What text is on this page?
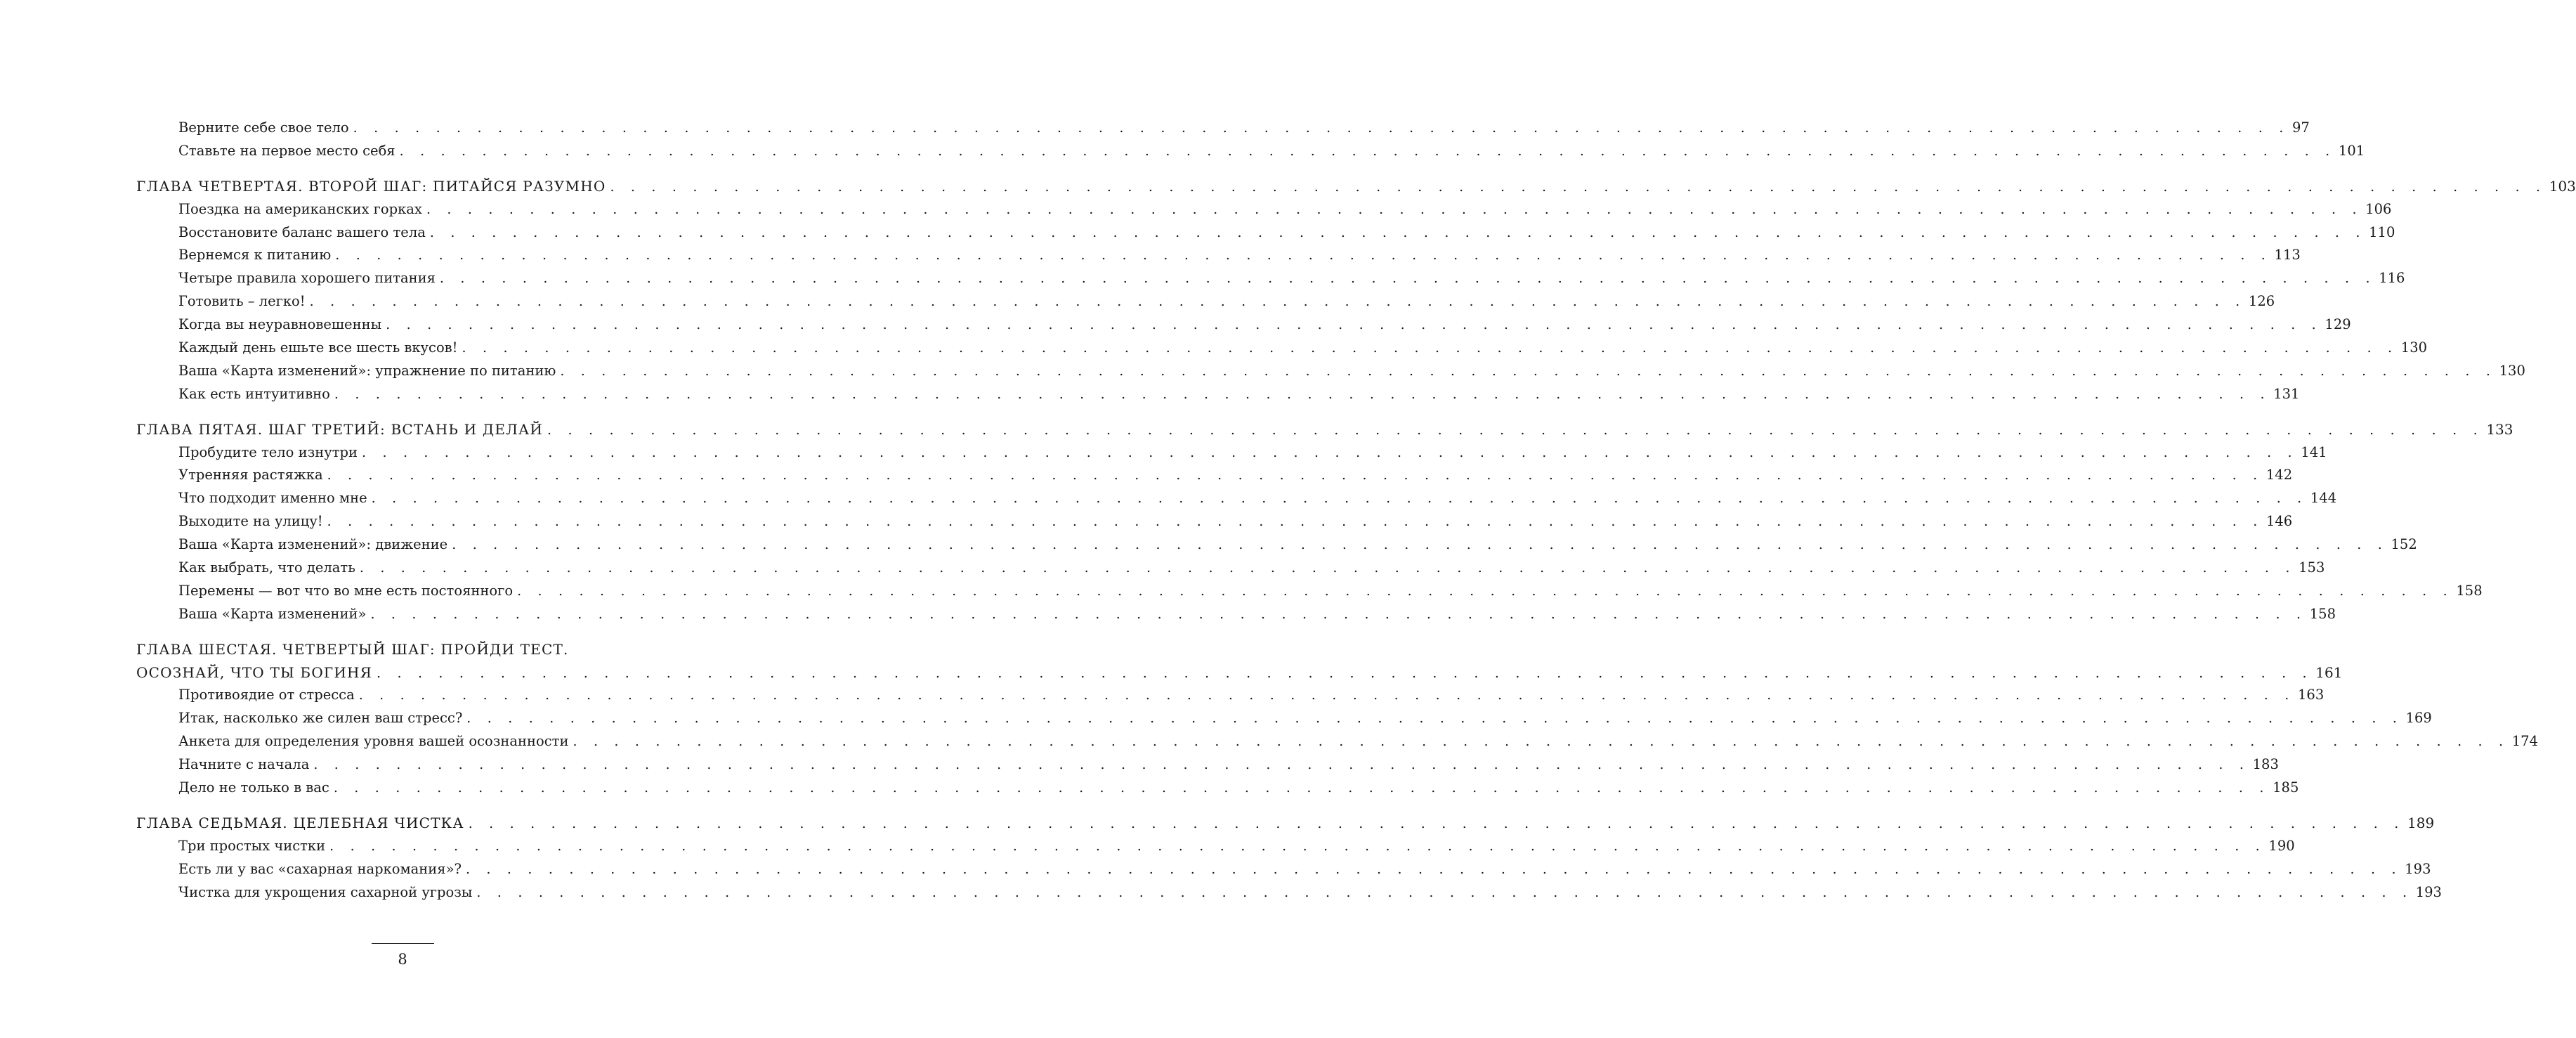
Верните себе свое тело . . . . . . . . . . . . . . . . . . . . . . . . . . . . . . . . . . . . . . . . . . . . . . . . . . . . . . . . . . . . . . . . . . . . . . . . . . . . . . . . . . . . . . . . . . . . . . 97
Ставьте на первое место себя . . . . . . . . . . . . . . . . . . . . . . . . . . . . . . . . . . . . . . . . . . . . . . . . . . . . . . . . . . . . . . . . . . . . . . . . . . . . . . . . . . . . . . . . . . . . . . 101
ГЛАВА ЧЕТВЕРТАЯ. ВТОРОЙ ШАГ: ПИТАЙСЯ РАЗУМНО . . . . . . . . . . . . . . . . . . . . . . . . . . . . . . . . . . . . . . . . . . . . . . . . . . . . . . . . . . . . . . . . . . . . . . . . . . . . . . . . . . . . . . . . . . . . . . 103
Поездка на американских горках . . . . . . . . . . . . . . . . . . . . . . . . . . . . . . . . . . . . . . . . . . . . . . . . . . . . . . . . . . . . . . . . . . . . . . . . . . . . . . . . . . . . . . . . . . . . . . 106
Восстановите баланс вашего тела . . . . . . . . . . . . . . . . . . . . . . . . . . . . . . . . . . . . . . . . . . . . . . . . . . . . . . . . . . . . . . . . . . . . . . . . . . . . . . . . . . . . . . . . . . . . . . 110
Вернемся к питанию . . . . . . . . . . . . . . . . . . . . . . . . . . . . . . . . . . . . . . . . . . . . . . . . . . . . . . . . . . . . . . . . . . . . . . . . . . . . . . . . . . . . . . . . . . . . . . 113
Четыре правила хорошего питания . . . . . . . . . . . . . . . . . . . . . . . . . . . . . . . . . . . . . . . . . . . . . . . . . . . . . . . . . . . . . . . . . . . . . . . . . . . . . . . . . . . . . . . . . . . . . . 116
Готовить – легко! . . . . . . . . . . . . . . . . . . . . . . . . . . . . . . . . . . . . . . . . . . . . . . . . . . . . . . . . . . . . . . . . . . . . . . . . . . . . . . . . . . . . . . . . . . . . . . 126
Когда вы неуравновешенны . . . . . . . . . . . . . . . . . . . . . . . . . . . . . . . . . . . . . . . . . . . . . . . . . . . . . . . . . . . . . . . . . . . . . . . . . . . . . . . . . . . . . . . . . . . . . . 129
Каждый день ешьте все шесть вкусов! . . . . . . . . . . . . . . . . . . . . . . . . . . . . . . . . . . . . . . . . . . . . . . . . . . . . . . . . . . . . . . . . . . . . . . . . . . . . . . . . . . . . . . . . . . . . . . 130
Ваша «Карта изменений»: упражнение по питанию . . . . . . . . . . . . . . . . . . . . . . . . . . . . . . . . . . . . . . . . . . . . . . . . . . . . . . . . . . . . . . . . . . . . . . . . . . . . . . . . . . . . . . . . . . . . . . 130
Как есть интуитивно . . . . . . . . . . . . . . . . . . . . . . . . . . . . . . . . . . . . . . . . . . . . . . . . . . . . . . . . . . . . . . . . . . . . . . . . . . . . . . . . . . . . . . . . . . . . . . 131
ГЛАВА ПЯТАЯ. ШАГ ТРЕТИЙ: ВСТАНЬ И ДЕЛАЙ . . . . . . . . . . . . . . . . . . . . . . . . . . . . . . . . . . . . . . . . . . . . . . . . . . . . . . . . . . . . . . . . . . . . . . . . . . . . . . . . . . . . . . . . . . . . . . 133
Пробудите тело изнутри . . . . . . . . . . . . . . . . . . . . . . . . . . . . . . . . . . . . . . . . . . . . . . . . . . . . . . . . . . . . . . . . . . . . . . . . . . . . . . . . . . . . . . . . . . . . . . 141
Утренняя растяжка . . . . . . . . . . . . . . . . . . . . . . . . . . . . . . . . . . . . . . . . . . . . . . . . . . . . . . . . . . . . . . . . . . . . . . . . . . . . . . . . . . . . . . . . . . . . . . 142
Что подходит именно мне . . . . . . . . . . . . . . . . . . . . . . . . . . . . . . . . . . . . . . . . . . . . . . . . . . . . . . . . . . . . . . . . . . . . . . . . . . . . . . . . . . . . . . . . . . . . . . 144
Выходите на улицу! . . . . . . . . . . . . . . . . . . . . . . . . . . . . . . . . . . . . . . . . . . . . . . . . . . . . . . . . . . . . . . . . . . . . . . . . . . . . . . . . . . . . . . . . . . . . . . 146
Ваша «Карта изменений»: движение . . . . . . . . . . . . . . . . . . . . . . . . . . . . . . . . . . . . . . . . . . . . . . . . . . . . . . . . . . . . . . . . . . . . . . . . . . . . . . . . . . . . . . . . . . . . . . 152
Как выбрать, что делать . . . . . . . . . . . . . . . . . . . . . . . . . . . . . . . . . . . . . . . . . . . . . . . . . . . . . . . . . . . . . . . . . . . . . . . . . . . . . . . . . . . . . . . . . . . . . . 153
Перемены — вот что во мне есть постоянного . . . . . . . . . . . . . . . . . . . . . . . . . . . . . . . . . . . . . . . . . . . . . . . . . . . . . . . . . . . . . . . . . . . . . . . . . . . . . . . . . . . . . . . . . . . . . . 158
Ваша «Карта изменений» . . . . . . . . . . . . . . . . . . . . . . . . . . . . . . . . . . . . . . . . . . . . . . . . . . . . . . . . . . . . . . . . . . . . . . . . . . . . . . . . . . . . . . . . . . . . . . 158
ГЛАВА ШЕСТАЯ. ЧЕТВЕРТЫЙ ШАГ: ПРОЙДИ ТЕСТ.
ОСОЗНАЙ, ЧТО ТЫ БОГИНЯ . . . . . . . . . . . . . . . . . . . . . . . . . . . . . . . . . . . . . . . . . . . . . . . . . . . . . . . . . . . . . . . . . . . . . . . . . . . . . . . . . . . . . . . . . . . . . . 161
Противоядие от стресса . . . . . . . . . . . . . . . . . . . . . . . . . . . . . . . . . . . . . . . . . . . . . . . . . . . . . . . . . . . . . . . . . . . . . . . . . . . . . . . . . . . . . . . . . . . . . . 163
Итак, насколько же силен ваш стресс? . . . . . . . . . . . . . . . . . . . . . . . . . . . . . . . . . . . . . . . . . . . . . . . . . . . . . . . . . . . . . . . . . . . . . . . . . . . . . . . . . . . . . . . . . . . . . . 169
Анкета для определения уровня вашей осознанности . . . . . . . . . . . . . . . . . . . . . . . . . . . . . . . . . . . . . . . . . . . . . . . . . . . . . . . . . . . . . . . . . . . . . . . . . . . . . . . . . . . . . . . . . . . . . . 174
Начните с начала . . . . . . . . . . . . . . . . . . . . . . . . . . . . . . . . . . . . . . . . . . . . . . . . . . . . . . . . . . . . . . . . . . . . . . . . . . . . . . . . . . . . . . . . . . . . . . 183
Дело не только в вас . . . . . . . . . . . . . . . . . . . . . . . . . . . . . . . . . . . . . . . . . . . . . . . . . . . . . . . . . . . . . . . . . . . . . . . . . . . . . . . . . . . . . . . . . . . . . . 185
ГЛАВА СЕДЬМАЯ. ЦЕЛЕБНАЯ ЧИСТКА . . . . . . . . . . . . . . . . . . . . . . . . . . . . . . . . . . . . . . . . . . . . . . . . . . . . . . . . . . . . . . . . . . . . . . . . . . . . . . . . . . . . . . . . . . . . . . 189
Три простых чистки . . . . . . . . . . . . . . . . . . . . . . . . . . . . . . . . . . . . . . . . . . . . . . . . . . . . . . . . . . . . . . . . . . . . . . . . . . . . . . . . . . . . . . . . . . . . . . 190
Есть ли у вас «сахарная наркомания»? . . . . . . . . . . . . . . . . . . . . . . . . . . . . . . . . . . . . . . . . . . . . . . . . . . . . . . . . . . . . . . . . . . . . . . . . . . . . . . . . . . . . . . . . . . . . . . 193
Чистка для укрощения сахарной угрозы . . . . . . . . . . . . . . . . . . . . . . . . . . . . . . . . . . . . . . . . . . . . . . . . . . . . . . . . . . . . . . . . . . . . . . . . . . . . . . . . . . . . . . . . . . . . . . 193
8
